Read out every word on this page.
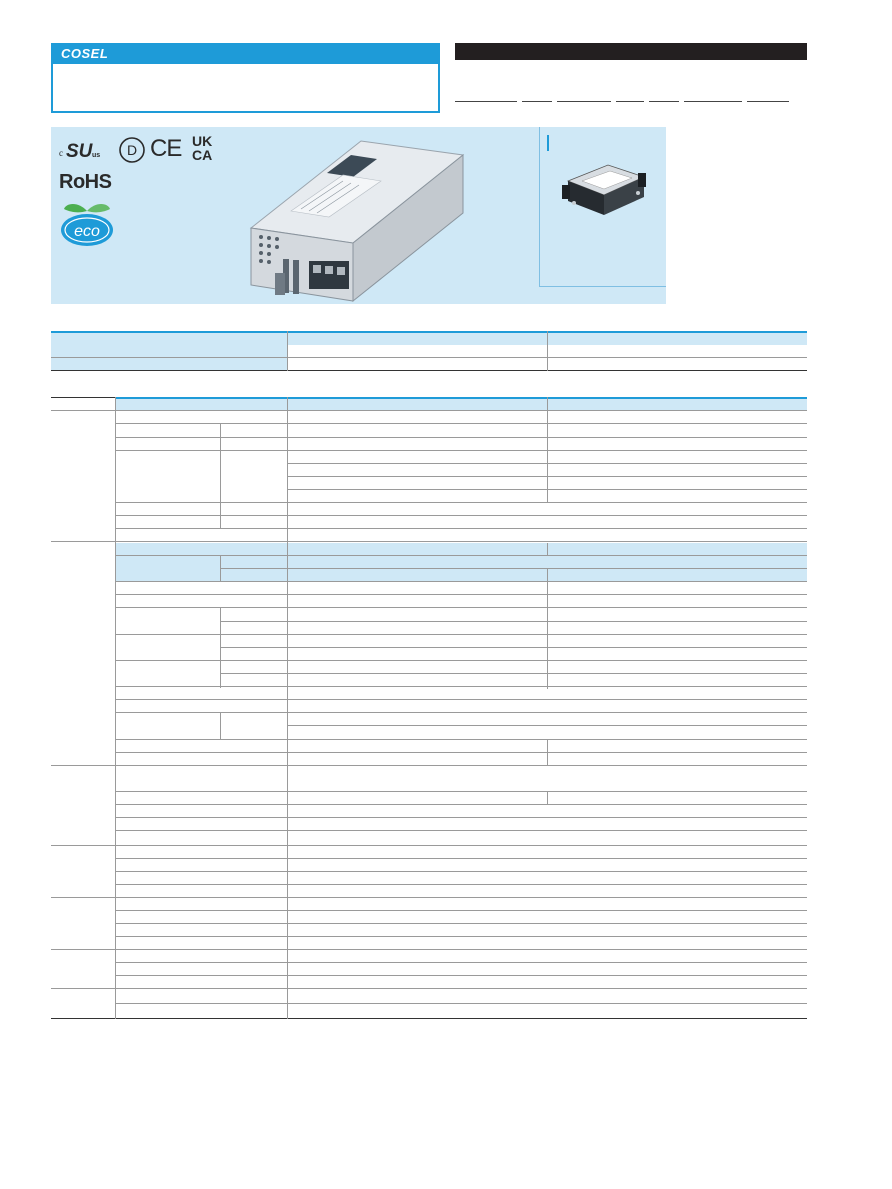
COSEL
c SU us D CE UK
CA
RoHS
eco
